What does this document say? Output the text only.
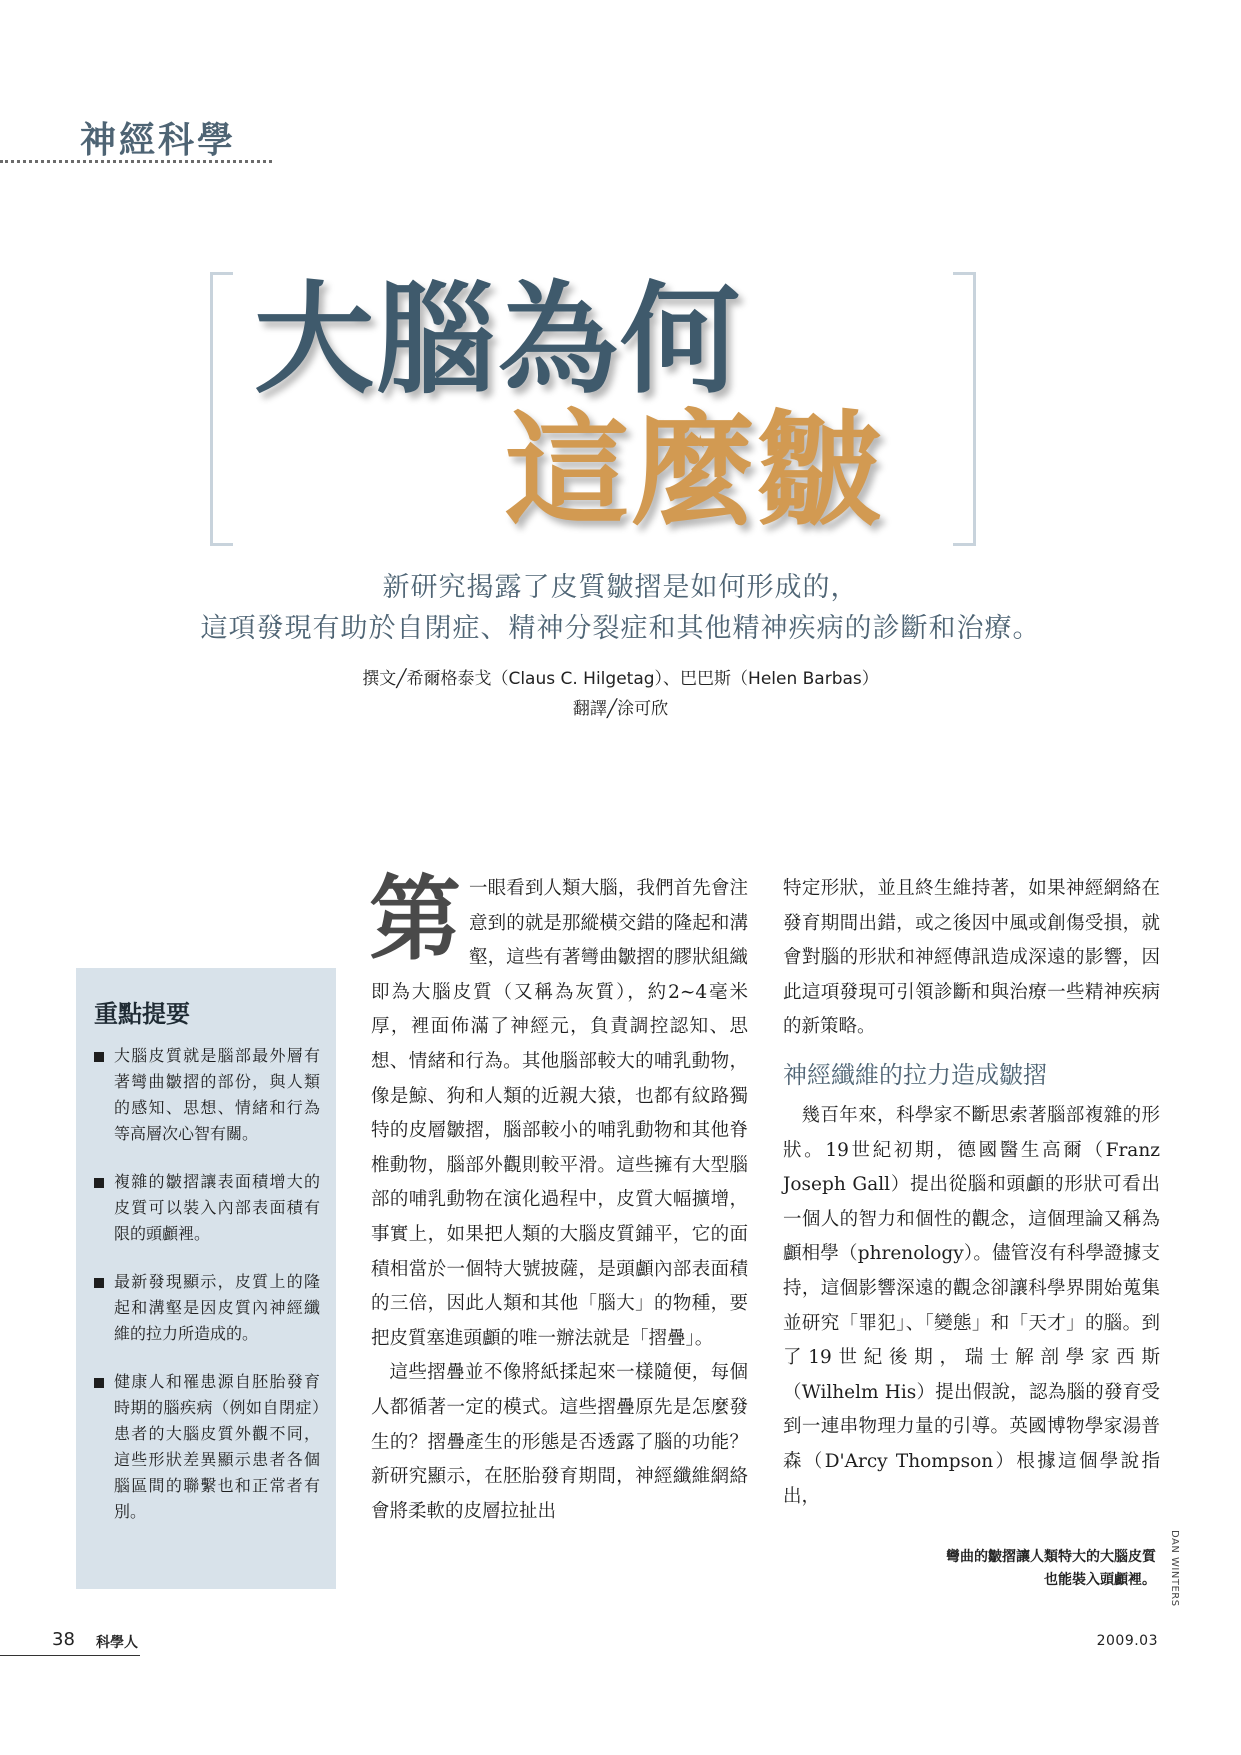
神經科學
大腦為何
這麼皺
新研究揭露了皮質皺摺是如何形成的，
這項發現有助於自閉症、精神分裂症和其他精神疾病的診斷和治療。
撰文╱希爾格泰戈（Claus C. Hilgetag）、巴巴斯（Helen Barbas）
翻譯╱涂可欣
重點提要
大腦皮質就是腦部最外層有著彎曲皺摺的部份，與人類的感知、思想、情緒和行為等高層次心智有關。
複雜的皺摺讓表面積增大的皮質可以裝入內部表面積有限的頭顱裡。
最新發現顯示，皮質上的隆起和溝壑是因皮質內神經纖維的拉力所造成的。
健康人和罹患源自胚胎發育時期的腦疾病（例如自閉症）患者的大腦皮質外觀不同，這些形狀差異顯示患者各個腦區間的聯繫也和正常者有別。

第一眼看到人類大腦，我們首先會注意到的就是那縱橫交錯的隆起和溝壑，這些有著彎曲皺摺的膠狀組織即為大腦皮質（又稱為灰質），約2∼4毫米厚，裡面佈滿了神經元，負責調控認知、思想、情緒和行為。其他腦部較大的哺乳動物，像是鯨、狗和人類的近親大猿，也都有紋路獨特的皮層皺摺，腦部較小的哺乳動物和其他脊椎動物，腦部外觀則較平滑。這些擁有大型腦部的哺乳動物在演化過程中，皮質大幅擴增，事實上，如果把人類的大腦皮質鋪平，它的面積相當於一個特大號披薩，是頭顱內部表面積的三倍，因此人類和其他「腦大」的物種，要把皮質塞進頭顱的唯一辦法就是「摺疊」。

這些摺疊並不像將紙揉起來一樣隨便，每個人都循著一定的模式。這些摺疊原先是怎麼發生的？摺疊產生的形態是否透露了腦的功能？新研究顯示，在胚胎發育期間，神經纖維網絡會將柔軟的皮層拉扯出

特定形狀，並且終生維持著，如果神經網絡在發育期間出錯，或之後因中風或創傷受損，就會對腦的形狀和神經傳訊造成深遠的影響，因此這項發現可引領診斷和與治療一些精神疾病的新策略。

神經纖維的拉力造成皺摺

幾百年來，科學家不斷思索著腦部複雜的形狀。19世紀初期，德國醫生高爾（Franz Joseph Gall）提出從腦和頭顱的形狀可看出一個人的智力和個性的觀念，這個理論又稱為顱相學（phrenology）。儘管沒有科學證據支持，這個影響深遠的觀念卻讓科學界開始蒐集並研究「罪犯」、「變態」和「天才」的腦。到了19世紀後期，瑞士解剖學家西斯（Wilhelm His）提出假說，認為腦的發育受到一連串物理力量的引導。英國博物學家湯普森（D'Arcy Thompson）根據這個學說指出，

彎曲的皺摺讓人類特大的大腦皮質
也能裝入頭顱裡。 DAN WINTERS
38 科學人	2009.03
